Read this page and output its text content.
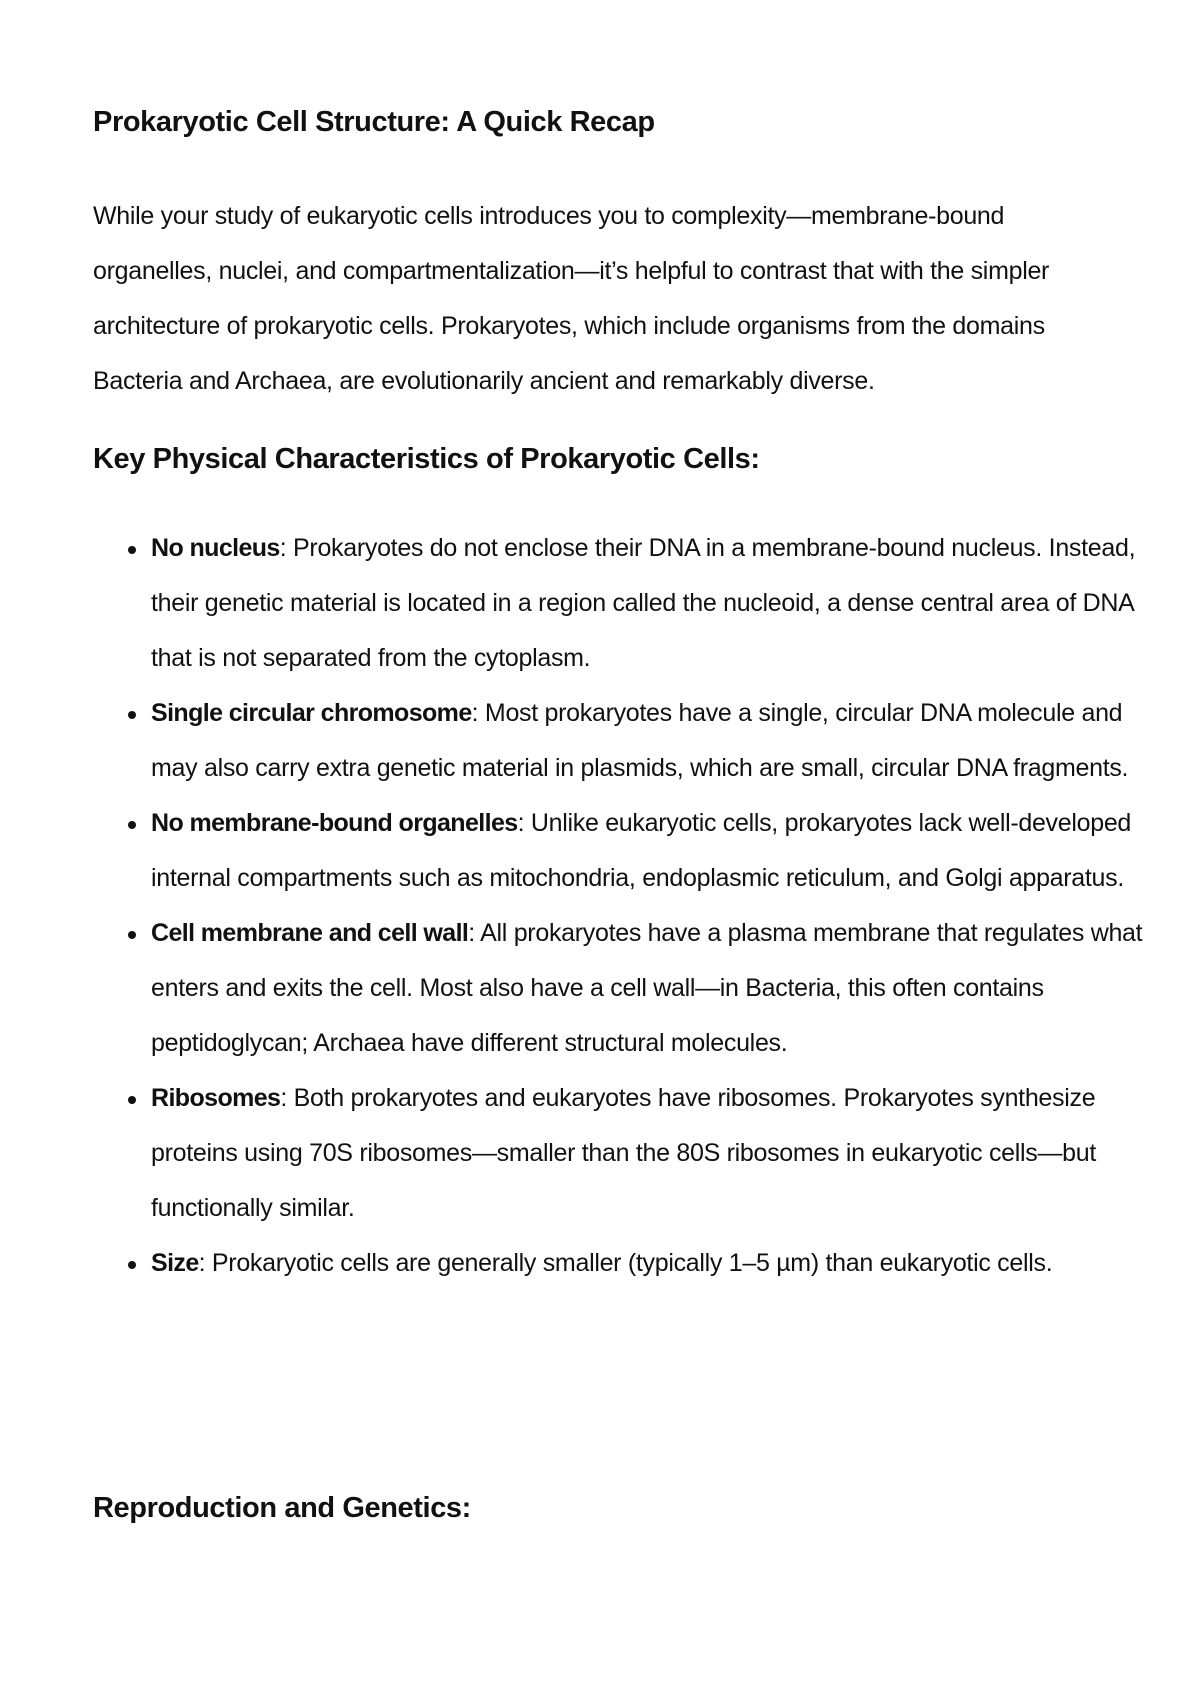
Prokaryotic Cell Structure: A Quick Recap

While your study of eukaryotic cells introduces you to complexity—membrane-bound organelles, nuclei, and compartmentalization—it’s helpful to contrast that with the simpler architecture of prokaryotic cells. Prokaryotes, which include organisms from the domains Bacteria and Archaea, are evolutionarily ancient and remarkably diverse.

Key Physical Characteristics of Prokaryotic Cells:
No nucleus: Prokaryotes do not enclose their DNA in a membrane-bound nucleus. Instead, their genetic material is located in a region called the nucleoid, a dense central area of DNA that is not separated from the cytoplasm.
Single circular chromosome: Most prokaryotes have a single, circular DNA molecule and may also carry extra genetic material in plasmids, which are small, circular DNA fragments.
No membrane-bound organelles: Unlike eukaryotic cells, prokaryotes lack well-developed internal compartments such as mitochondria, endoplasmic reticulum, and Golgi apparatus.
Cell membrane and cell wall: All prokaryotes have a plasma membrane that regulates what enters and exits the cell. Most also have a cell wall—in Bacteria, this often contains peptidoglycan; Archaea have different structural molecules.
Ribosomes: Both prokaryotes and eukaryotes have ribosomes. Prokaryotes synthesize proteins using 70S ribosomes—smaller than the 80S ribosomes in eukaryotic cells—but functionally similar.
Size: Prokaryotic cells are generally smaller (typically 1–5 µm) than eukaryotic cells.
Reproduction and Genetics:
